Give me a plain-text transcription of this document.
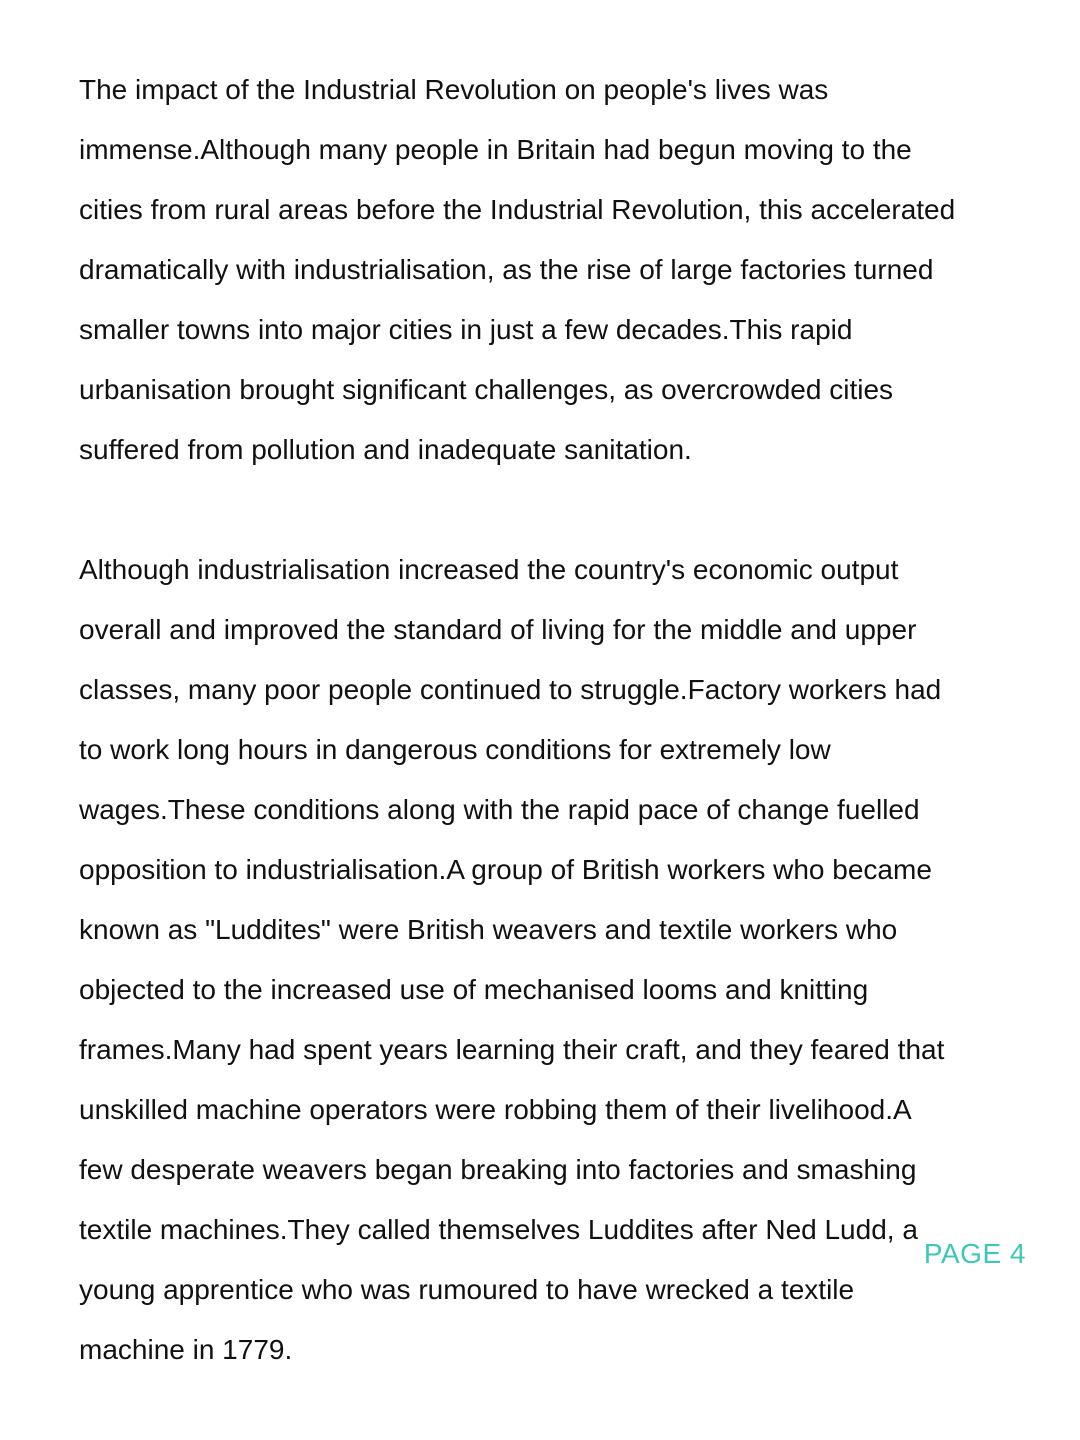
The impact of the Industrial Revolution on people's lives was
immense.Although many people in Britain had begun moving to the
cities from rural areas before the Industrial Revolution, this accelerated
dramatically with industrialisation, as the rise of large factories turned
smaller towns into major cities in just a few decades.This rapid
urbanisation brought significant challenges, as overcrowded cities
suffered from pollution and inadequate sanitation.

Although industrialisation increased the country's economic output
overall and improved the standard of living for the middle and upper
classes, many poor people continued to struggle.Factory workers had
to work long hours in dangerous conditions for extremely low
wages.These conditions along with the rapid pace of change fuelled
opposition to industrialisation.A group of British workers who became
known as "Luddites" were British weavers and textile workers who
objected to the increased use of mechanised looms and knitting
frames.Many had spent years learning their craft, and they feared that
unskilled machine operators were robbing them of their livelihood.A
few desperate weavers began breaking into factories and smashing
textile machines.They called themselves Luddites after Ned Ludd, a
young apprentice who was rumoured to have wrecked a textile
machine in 1779.

PAGE 4
